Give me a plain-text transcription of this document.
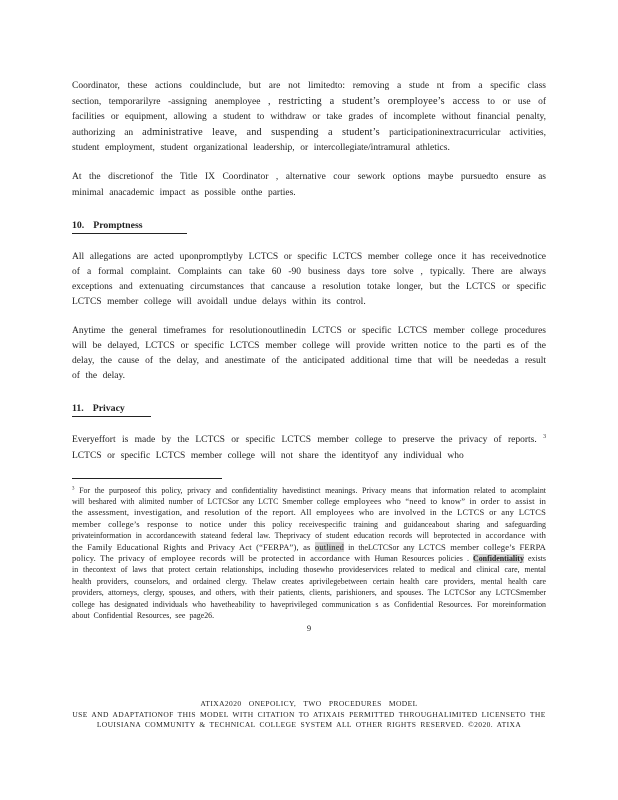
Coordinator, these actions couldinclude, but are not limitedto: removing a stude nt from a specific class section, temporarilyre -assigning anemployee , restricting a student’s oremployee’s access to or use of facilities or equipment, allowing a student to withdraw or take grades of incomplete without financial penalty, authorizing an administrative leave, and suspending a student’s participationinextracurricular activities, student employment, student organizational leadership, or intercollegiate/intramural athletics.

At the discretionof the Title IX Coordinator , alternative cour sework options maybe pursuedto ensure as minimal anacademic impact as possible onthe parties.

10. Promptness

All allegations are acted uponpromptlyby LCTCS or specific LCTCS member college once it has receivednotice of a formal complaint. Complaints can take 60 -90 business days tore solve , typically. There are always exceptions and extenuating circumstances that cancause a resolution totake longer, but the LCTCS or specific LCTCS member college will avoidall undue delays within its control.

Anytime the general timeframes for resolutionoutlinedin LCTCS or specific LCTCS member college procedures will be delayed, LCTCS or specific LCTCS member college will provide written notice to the parti es of the delay, the cause of the delay, and anestimate of the anticipated additional time that will be neededas a result of the delay.

11. Privacy

Everyeffort is made by the LCTCS or specific LCTCS member college to preserve the privacy of reports. $^3$ LCTCS or specific LCTCS member college will not share the identityof any individual who

$^3$ For the purposeof this policy, privacy and confidentiality havedistinct meanings. Privacy means that information related to acomplaint will beshared with alimited number of LCTCSor any LCTC Smember college employees who “need to know” in order to assist in the assessment, investigation, and resolution of the report. All employees who are involved in the LCTCS or any LCTCS member college’s response to notice under this policy receivespecific training and guidanceabout sharing and safeguarding privateinformation in accordancewith stateand federal law. Theprivacy of student education records will beprotected in accordance with the Family Educational Rights and Privacy Act (“FERPA”), as outlined in theLCTCSor any LCTCS member college’s FERPA policy. The privacy of employee records will be protected in accordance with Human Resources policies . Confidentiality exists in thecontext of laws that protect certain relationships, including thosewho provideservices related to medical and clinical care, mental health providers, counselors, and ordained clergy. Thelaw creates aprivilegebetween certain health care providers, mental health care providers, attorneys, clergy, spouses, and others, with their patients, clients, parishioners, and spouses. The LCTCSor any LCTCSmember college has designated individuals who havetheability to haveprivileged communication s as Confidential Resources. For moreinformation about Confidential Resources, see page26.

9
ATIXA2020 ONEPOLICY, TWO PROCEDURES MODEL
USE AND ADAPTATIONOF THIS MODEL WITH CITATION TO ATIXAIS PERMITTED THROUGHALIMITED LICENSETO THE
LOUISIANA COMMUNITY & TECHNICAL COLLEGE SYSTEM ALL OTHER RIGHTS RESERVED. ©2020. ATIXA
